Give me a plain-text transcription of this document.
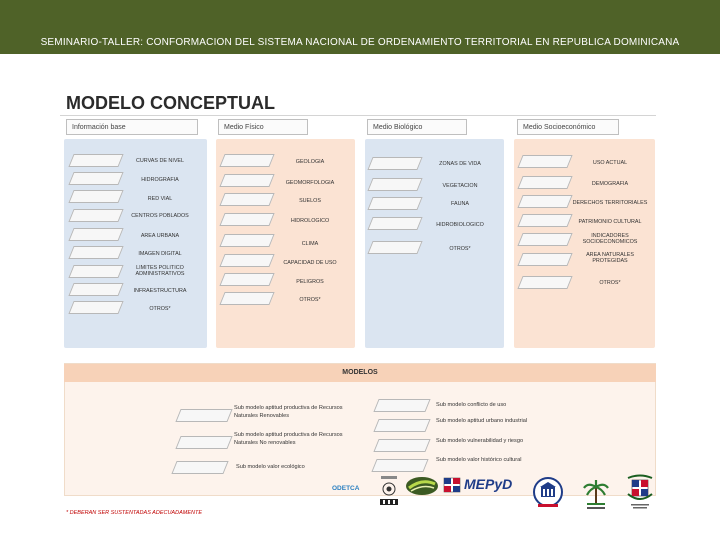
SEMINARIO-TALLER: CONFORMACION DEL SISTEMA NACIONAL DE ORDENAMIENTO TERRITORIAL EN REPUBLICA DOMINICANA
MODELO CONCEPTUAL
Información base	Medio Físico	Medio Biológico	Medio Socioeconómico
CURVAS DE NIVEL
HIDROGRAFIA
RED VIAL
CENTROS POBLADOS
AREA URBANA
IMAGEN DIGITAL
LIMITES POLITICO ADMINISTRATIVOS
INFRAESTRUCTURA
OTROS*
GEOLOGIA
GEOMORFOLOGIA
SUELOS
HIDROLOGICO
CLIMA
CAPACIDAD DE USO
PELIGROS
OTROS*
ZONAS DE VIDA
VEGETACION
FAUNA
HIDROBIOLOGICO
OTROS*
USO ACTUAL
DEMOGRAFIA
DERECHOS TERRITORIALES
PATRIMONIO CULTURAL
INDICADORES SOCIOECONOMICOS
AREA NATURALES PROTEGIDAS
OTROS*
MODELOS
Sub modelo aptitud productiva de Recursos Naturales Renovables
Sub modelo aptitud productiva de Recursos Naturales No renovables
Sub modelo valor ecológico
Sub modelo conflicto de uso
Sub modelo aptitud urbano industrial
Sub modelo vulnerabilidad y riesgo
Sub modelo valor histórico cultural
ODETCA	MEPyD
* DEBERAN SER SUSTENTADAS ADECUADAMENTE
